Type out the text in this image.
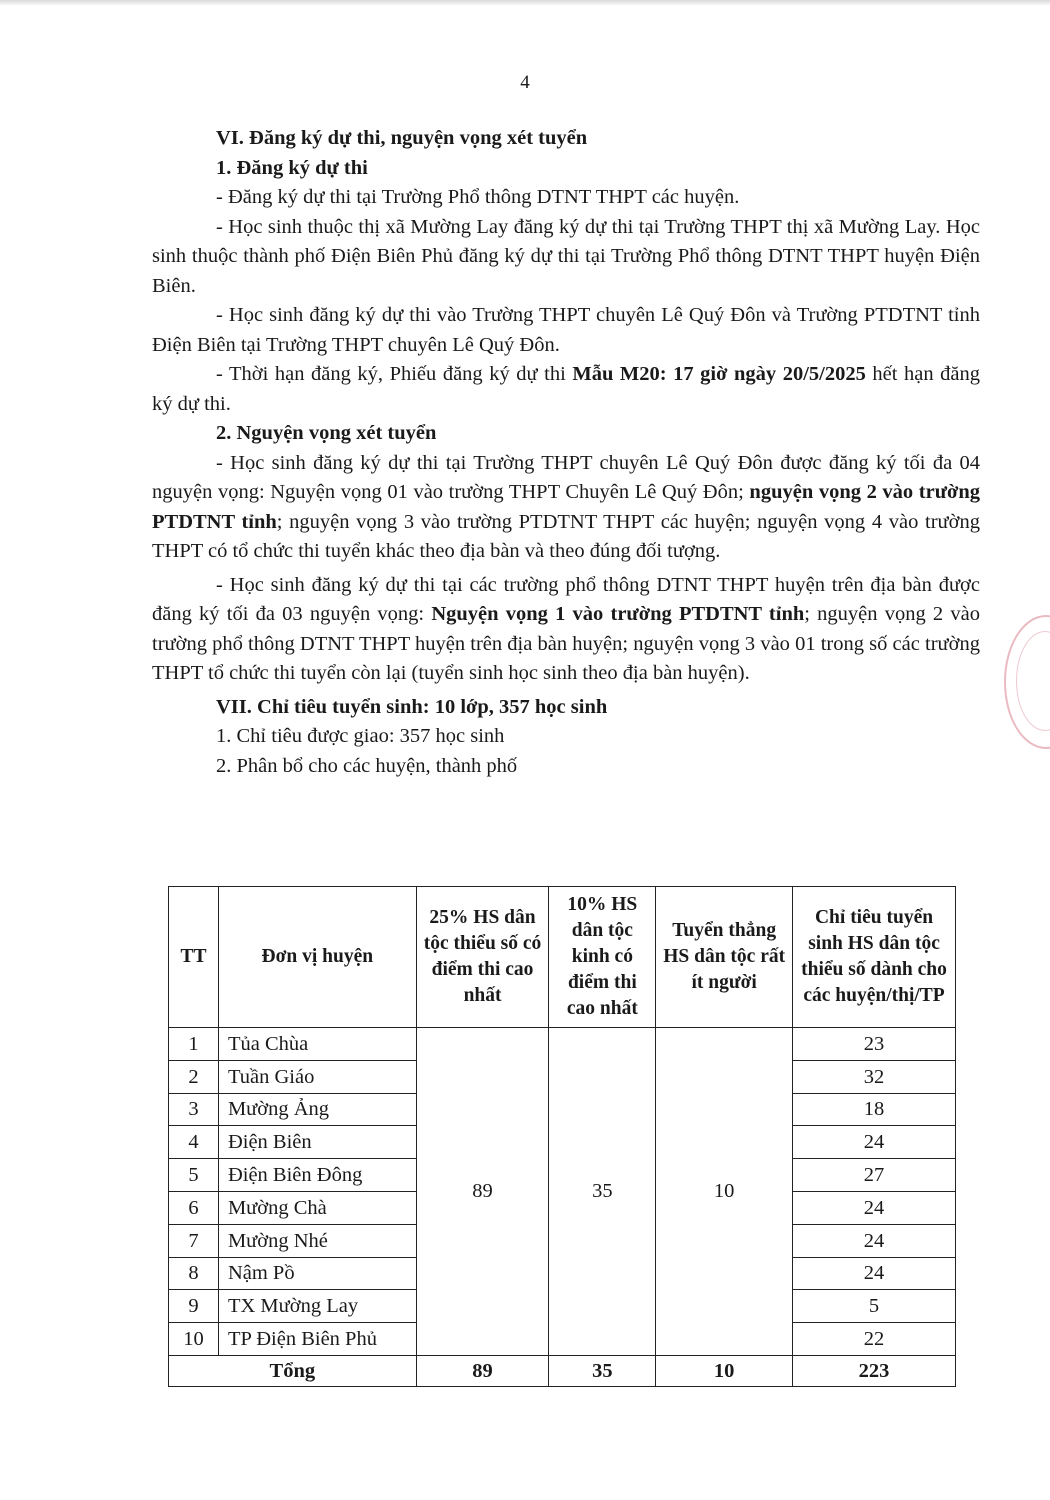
4

VI. Đăng ký dự thi, nguyện vọng xét tuyển

1. Đăng ký dự thi

- Đăng ký dự thi tại Trường Phổ thông DTNT THPT các huyện.

- Học sinh thuộc thị xã Mường Lay đăng ký dự thi tại Trường THPT thị xã Mường Lay. Học sinh thuộc thành phố Điện Biên Phủ đăng ký dự thi tại Trường Phổ thông DTNT THPT huyện Điện Biên.

- Học sinh đăng ký dự thi vào Trường THPT chuyên Lê Quý Đôn và Trường PTDTNT tỉnh Điện Biên tại Trường THPT chuyên Lê Quý Đôn.

- Thời hạn đăng ký, Phiếu đăng ký dự thi Mẫu M20: 17 giờ ngày 20/5/2025 hết hạn đăng ký dự thi.

2. Nguyện vọng xét tuyển

- Học sinh đăng ký dự thi tại Trường THPT chuyên Lê Quý Đôn được đăng ký tối đa 04 nguyện vọng: Nguyện vọng 01 vào trường THPT Chuyên Lê Quý Đôn; nguyện vọng 2 vào trường PTDTNT tỉnh; nguyện vọng 3 vào trường PTDTNT THPT các huyện; nguyện vọng 4 vào trường THPT có tổ chức thi tuyển khác theo địa bàn và theo đúng đối tượng.

- Học sinh đăng ký dự thi tại các trường phổ thông DTNT THPT huyện trên địa bàn được đăng ký tối đa 03 nguyện vọng: Nguyện vọng 1 vào trường PTDTNT tỉnh; nguyện vọng 2 vào trường phổ thông DTNT THPT huyện trên địa bàn huyện; nguyện vọng 3 vào 01 trong số các trường THPT tổ chức thi tuyển còn lại (tuyển sinh học sinh theo địa bàn huyện).

VII. Chỉ tiêu tuyển sinh: 10 lớp, 357 học sinh

1. Chỉ tiêu được giao: 357 học sinh

2. Phân bổ cho các huyện, thành phố

TT	Đơn vị huyện	25% HS dân tộc thiểu số có điểm thi cao nhất	10% HS dân tộc kinh có điểm thi cao nhất	Tuyển thẳng HS dân tộc rất ít người	Chỉ tiêu tuyển sinh HS dân tộc thiểu số dành cho các huyện/thị/TP
1	Tủa Chùa	89	35	10	23
2	Tuần Giáo				32
3	Mường Ảng				18
4	Điện Biên				24
5	Điện Biên Đông				27
6	Mường Chà				24
7	Mường Nhé				24
8	Nậm Pồ				24
9	TX Mường Lay				5
10	TP Điện Biên Phủ				22
Tổng		89	35	10	223
